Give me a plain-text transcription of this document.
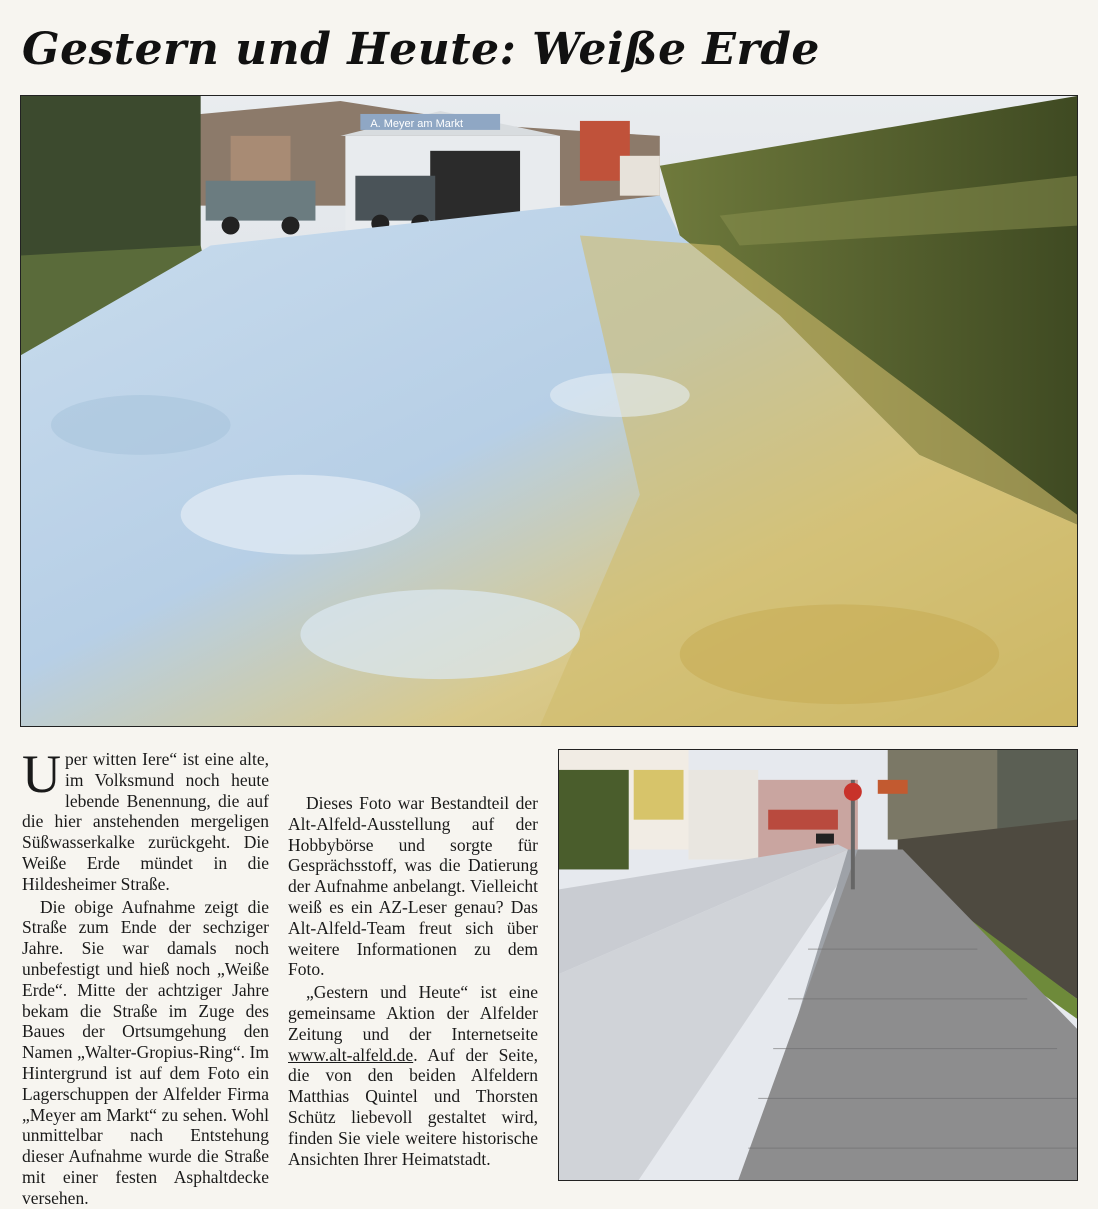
Gestern und Heute: Weiße Erde
A. Meyer am Markt

Uper witten Iere“ ist eine alte, im Volksmund noch heute lebende Benennung, die auf die hier anstehenden mergeligen Süßwasserkalke zurückgeht. Die Weiße Erde mündet in die Hildesheimer Straße.

Die obige Aufnahme zeigt die Straße zum Ende der sechziger Jahre. Sie war damals noch unbefestigt und hieß noch „Weiße Erde“. Mitte der achtziger Jahre bekam die Straße im Zuge des Baues der Ortsumgehung den Namen „Walter-Gropius-Ring“. Im Hintergrund ist auf dem Foto ein Lagerschuppen der Alfelder Firma „Meyer am Markt“ zu sehen. Wohl unmittelbar nach Entstehung dieser Aufnahme wurde die Straße mit einer festen Asphaltdecke versehen.

Dieses Foto war Bestandteil der Alt-Alfeld-Ausstellung auf der Hobbybörse und sorgte für Gesprächsstoff, was die Datierung der Aufnahme anbelangt. Vielleicht weiß es ein AZ-Leser genau? Das Alt-Alfeld-Team freut sich über weitere Informationen zu dem Foto.

„Gestern und Heute“ ist eine gemeinsame Aktion der Alfelder Zeitung und der Internetseite www.alt-alfeld.de. Auf der Seite, die von den beiden Alfeldern Matthias Quintel und Thorsten Schütz liebevoll gestaltet wird, finden Sie viele weitere historische Ansichten Ihrer Heimatstadt.
